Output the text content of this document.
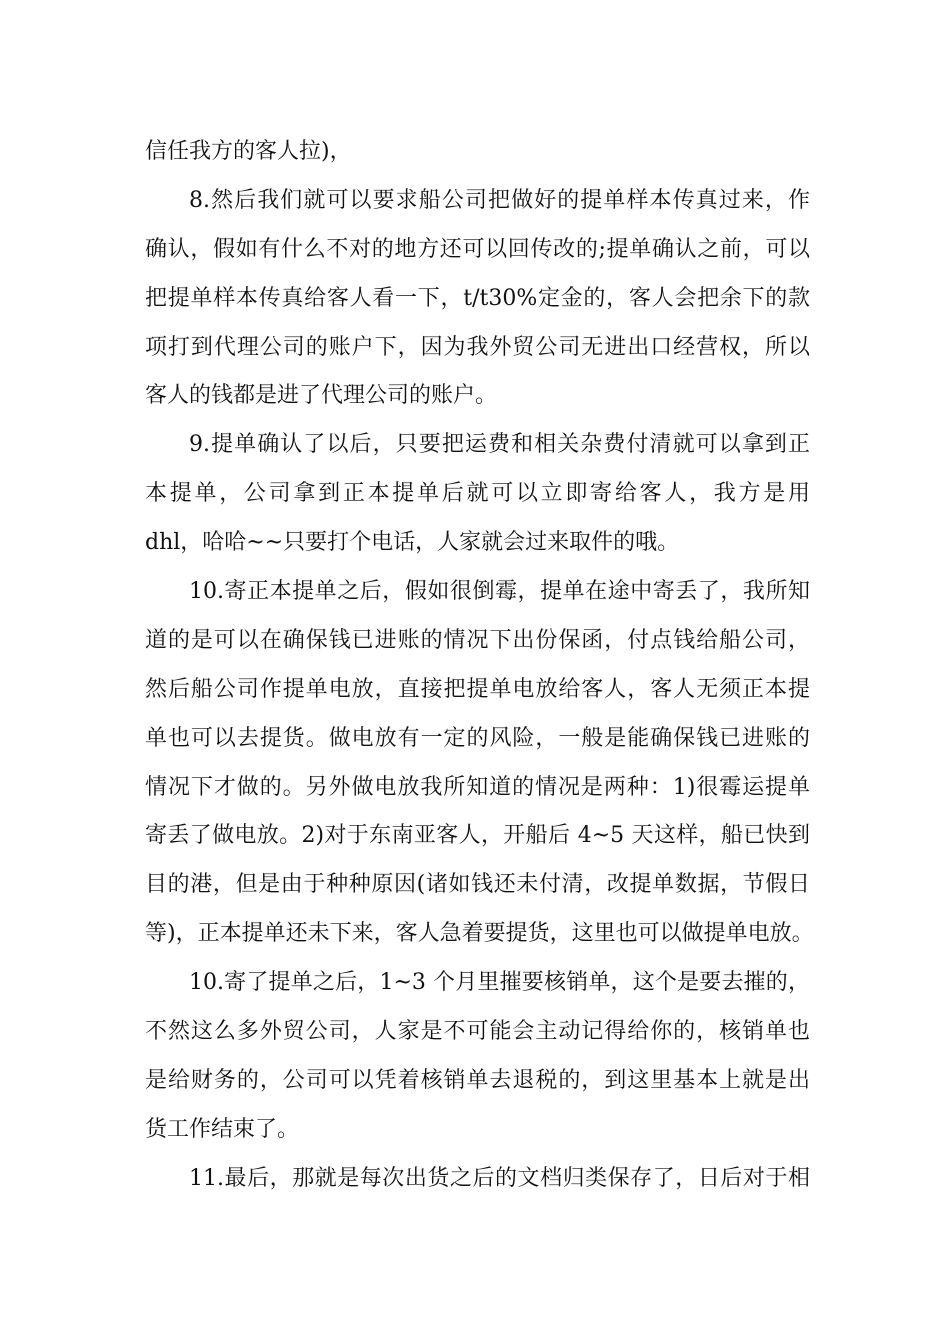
信任我方的客人拉)，
8.然后我们就可以要求船公司把做好的提单样本传真过来，作
确认，假如有什么不对的地方还可以回传改的;提单确认之前，可以
把提单样本传真给客人看一下，t/t30%定金的，客人会把余下的款
项打到代理公司的账户下，因为我外贸公司无进出口经营权，所以
客人的钱都是进了代理公司的账户。
9.提单确认了以后，只要把运费和相关杂费付清就可以拿到正
本提单，公司拿到正本提单后就可以立即寄给客人，我方是用
dhl，哈哈~~只要打个电话，人家就会过来取件的哦。
10.寄正本提单之后，假如很倒霉，提单在途中寄丢了，我所知
道的是可以在确保钱已进账的情况下出份保函，付点钱给船公司，
然后船公司作提单电放，直接把提单电放给客人，客人无须正本提
单也可以去提货。做电放有一定的风险，一般是能确保钱已进账的
情况下才做的。另外做电放我所知道的情况是两种：1)很霉运提单
寄丢了做电放。2)对于东南亚客人，开船后 4~5 天这样，船已快到
目的港，但是由于种种原因(诸如钱还未付清，改提单数据，节假日
等)，正本提单还未下来，客人急着要提货，这里也可以做提单电放。
10.寄了提单之后，1~3 个月里摧要核销单，这个是要去摧的，
不然这么多外贸公司，人家是不可能会主动记得给你的，核销单也
是给财务的，公司可以凭着核销单去退税的，到这里基本上就是出
货工作结束了。
11.最后，那就是每次出货之后的文档归类保存了，日后对于相
